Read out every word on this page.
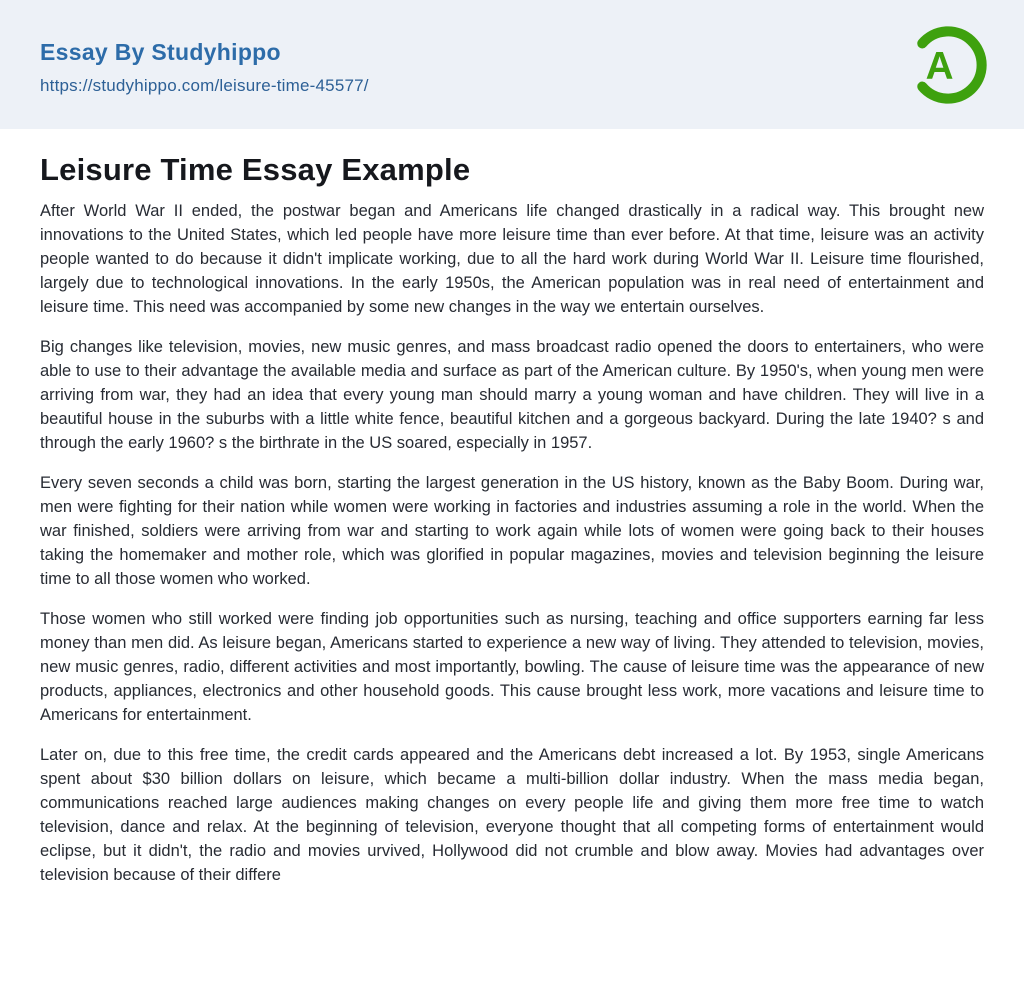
Essay By Studyhippo
https://studyhippo.com/leisure-time-45577/	A
Leisure Time Essay Example

After World War II ended, the postwar began and Americans life changed drastically in a radical way. This brought new innovations to the United States, which led people have more leisure time than ever before. At that time, leisure was an activity people wanted to do because it didn't implicate working, due to all the hard work during World War II. Leisure time flourished, largely due to technological innovations. In the early 1950s, the American population was in real need of entertainment and leisure time. This need was accompanied by some new changes in the way we entertain ourselves.

Big changes like television, movies, new music genres, and mass broadcast radio opened the doors to entertainers, who were able to use to their advantage the available media and surface as part of the American culture. By 1950's, when young men were arriving from war, they had an idea that every young man should marry a young woman and have children. They will live in a beautiful house in the suburbs with a little white fence, beautiful kitchen and a gorgeous backyard. During the late 1940? s and through the early 1960? s the birthrate in the US soared, especially in 1957.

Every seven seconds a child was born, starting the largest generation in the US history, known as the Baby Boom. During war, men were fighting for their nation while women were working in factories and industries assuming a role in the world. When the war finished, soldiers were arriving from war and starting to work again while lots of women were going back to their houses taking the homemaker and mother role, which was glorified in popular magazines, movies and television beginning the leisure time to all those women who worked.

Those women who still worked were finding job opportunities such as nursing, teaching and office supporters earning far less money than men did. As leisure began, Americans started to experience a new way of living. They attended to television, movies, new music genres, radio, different activities and most importantly, bowling. The cause of leisure time was the appearance of new products, appliances, electronics and other household goods. This cause brought less work, more vacations and leisure time to Americans for entertainment.

Later on, due to this free time, the credit cards appeared and the Americans debt increased a lot. By 1953, single Americans spent about $30 billion dollars on leisure, which became a multi-billion dollar industry. When the mass media began, communications reached large audiences making changes on every people life and giving them more free time to watch television, dance and relax. At the beginning of television, everyone thought that all competing forms of entertainment would eclipse, but it didn't, the radio and movies urvived, Hollywood did not crumble and blow away. Movies had advantages over television because of their differe
